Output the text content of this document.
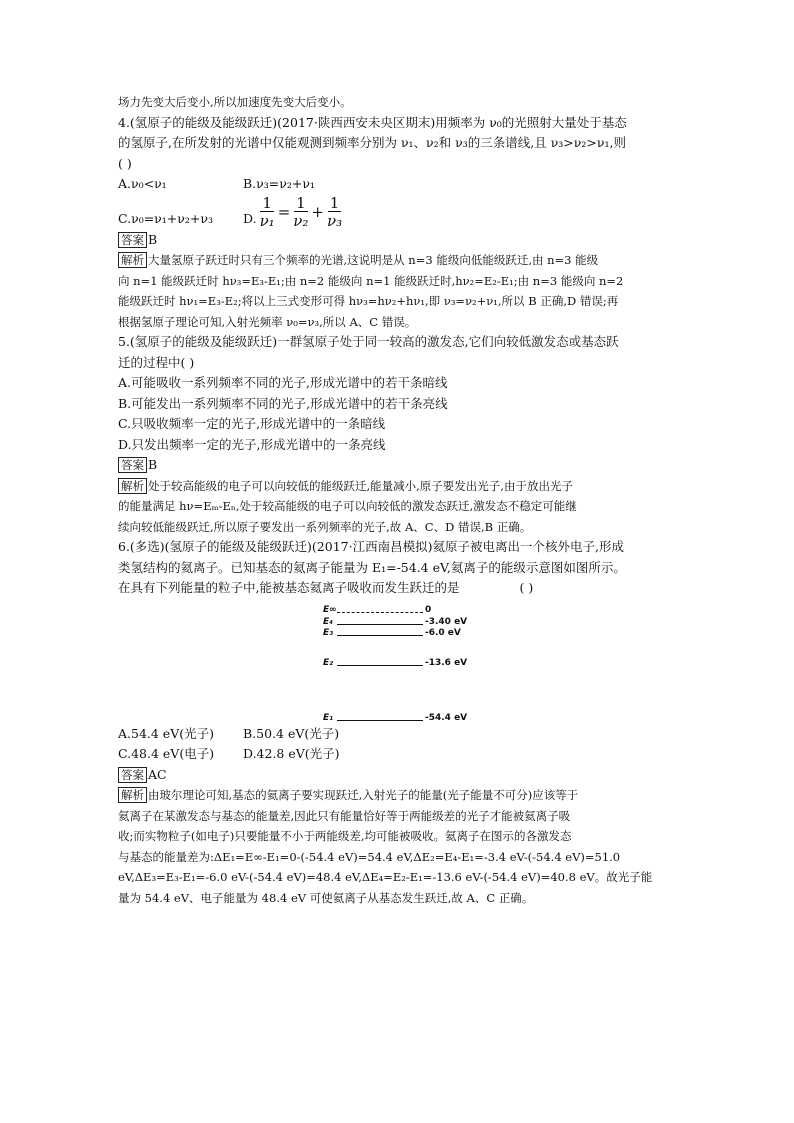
场力先变大后变小,所以加速度先变大后变小。
4.(氢原子的能级及能级跃迁)(2017·陕西西安未央区期末)用频率为 ν₀的光照射大量处于基态
的氢原子,在所发射的光谱中仅能观测到频率分别为 ν₁、ν₂和 ν₃的三条谱线,且 ν₃>ν₂>ν₁,则
( )
A.ν₀<ν₁	B.ν₃=ν₂+ν₁
C.ν₀=ν₁+ν₂+ν₃	D. $\frac{1}{\text{ν₁}} = \frac{1}{\text{ν₂}} + \frac{1}{\text{ν₃}}$
答案 B
解析 大量氢原子跃迁时只有三个频率的光谱,这说明是从 n=3 能级向低能级跃迁,由 n=3 能级
向 n=1 能级跃迁时 hν₃=E₃-E₁;由 n=2 能级向 n=1 能级跃迁时,hν₂=E₂-E₁;由 n=3 能级向 n=2
能级跃迁时 hν₁=E₃-E₂;将以上三式变形可得 hν₃=hν₂+hν₁,即 ν₃=ν₂+ν₁,所以 B 正确,D 错误;再
根据氢原子理论可知,入射光频率 ν₀=ν₃,所以 A、C 错误。
5.(氢原子的能级及能级跃迁)一群氢原子处于同一较高的激发态,它们向较低激发态或基态跃
迁的过程中( )
A.可能吸收一系列频率不同的光子,形成光谱中的若干条暗线
B.可能发出一系列频率不同的光子,形成光谱中的若干条亮线
C.只吸收频率一定的光子,形成光谱中的一条暗线
D.只发出频率一定的光子,形成光谱中的一条亮线
答案 B
解析 处于较高能级的电子可以向较低的能级跃迁,能量减小,原子要发出光子,由于放出光子
的能量满足 hν=Eₘ-Eₙ,处于较高能级的电子可以向较低的激发态跃迁,激发态不稳定可能继
续向较低能级跃迁,所以原子要发出一系列频率的光子,故 A、C、D 错误,B 正确。
6.(多选)(氢原子的能级及能级跃迁)(2017·江西南昌模拟)氦原子被电离出一个核外电子,形成
类氢结构的氦离子。已知基态的氦离子能量为 E₁=-54.4 eV,氦离子的能级示意图如图所示。
在具有下列能量的粒子中,能被基态氦离子吸收而发生跃迁的是	( )
E∞	0
E₄	-3.40 eV
E₃	-6.0 eV
E₂	-13.6 eV
E₁	-54.4 eV
A.54.4 eV(光子)	B.50.4 eV(光子)
C.48.4 eV(电子)	D.42.8 eV(光子)
答案 AC
解析 由玻尔理论可知,基态的氦离子要实现跃迁,入射光子的能量(光子能量不可分)应该等于
氦离子在某激发态与基态的能量差,因此只有能量恰好等于两能级差的光子才能被氦离子吸
收;而实物粒子(如电子)只要能量不小于两能级差,均可能被吸收。氦离子在图示的各激发态
与基态的能量差为:ΔE₁=E∞-E₁=0-(-54.4 eV)=54.4 eV,ΔE₂=E₄-E₁=-3.4 eV-(-54.4 eV)=51.0
eV,ΔE₃=E₃-E₁=-6.0 eV-(-54.4 eV)=48.4 eV,ΔE₄=E₂-E₁=-13.6 eV-(-54.4 eV)=40.8 eV。故光子能
量为 54.4 eV、电子能量为 48.4 eV 可使氦离子从基态发生跃迁,故 A、C 正确。
